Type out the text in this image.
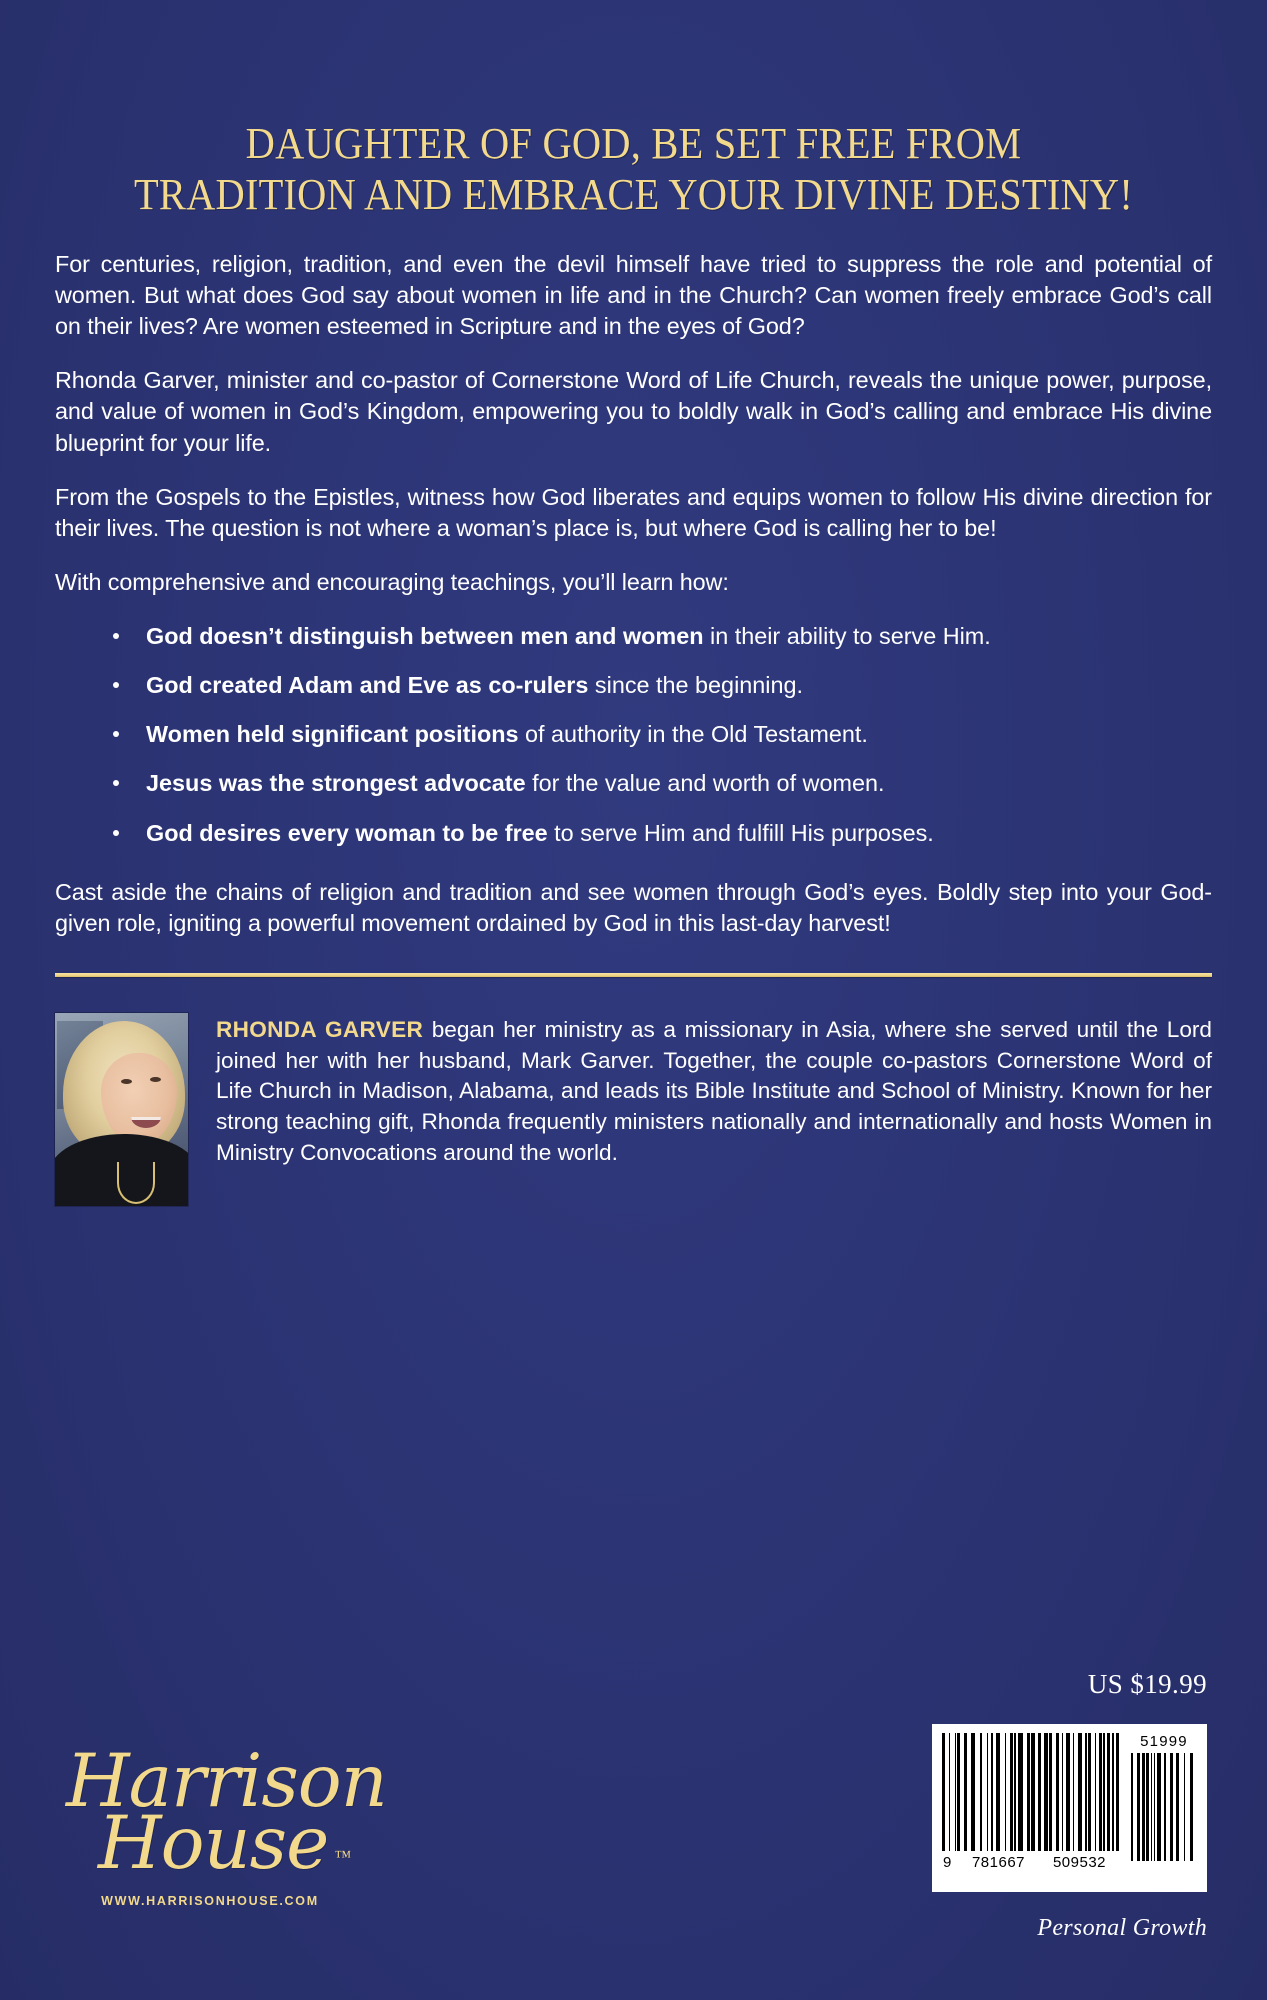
DAUGHTER OF GOD, BE SET FREE FROM
TRADITION AND EMBRACE YOUR DIVINE DESTINY!

For centuries, religion, tradition, and even the devil himself have tried to suppress the role and potential of women. But what does God say about women in life and in the Church? Can women freely embrace God’s call on their lives? Are women esteemed in Scripture and in the eyes of God?

Rhonda Garver, minister and co-pastor of Cornerstone Word of Life Church, reveals the unique power, purpose, and value of women in God’s Kingdom, empowering you to boldly walk in God’s calling and embrace His divine blueprint for your life.

From the Gospels to the Epistles, witness how God liberates and equips women to follow His divine direction for their lives. The question is not where a woman’s place is, but where God is calling her to be!

With comprehensive and encouraging teachings, you’ll learn how:

God doesn’t distinguish between men and women in their ability to serve Him.
God created Adam and Eve as co-rulers since the beginning.
Women held significant positions of authority in the Old Testament.
Jesus was the strongest advocate for the value and worth of women.
God desires every woman to be free to serve Him and fulfill His purposes.

Cast aside the chains of religion and tradition and see women through God’s eyes. Boldly step into your God-given role, igniting a powerful movement ordained by God in this last-day harvest!

RHONDA GARVER began her ministry as a missionary in Asia, where she served until the Lord joined her with her husband, Mark Garver. Together, the couple co-pastors Cornerstone Word of Life Church in Madison, Alabama, and leads its Bible Institute and School of Ministry. Known for her strong teaching gift, Rhonda frequently ministers nationally and internationally and hosts Women in Ministry Convocations around the world.
Harrison
House ™
WWW.HARRISONHOUSE.COM
US $19.99
9	781667	509532
51999
Personal Growth
